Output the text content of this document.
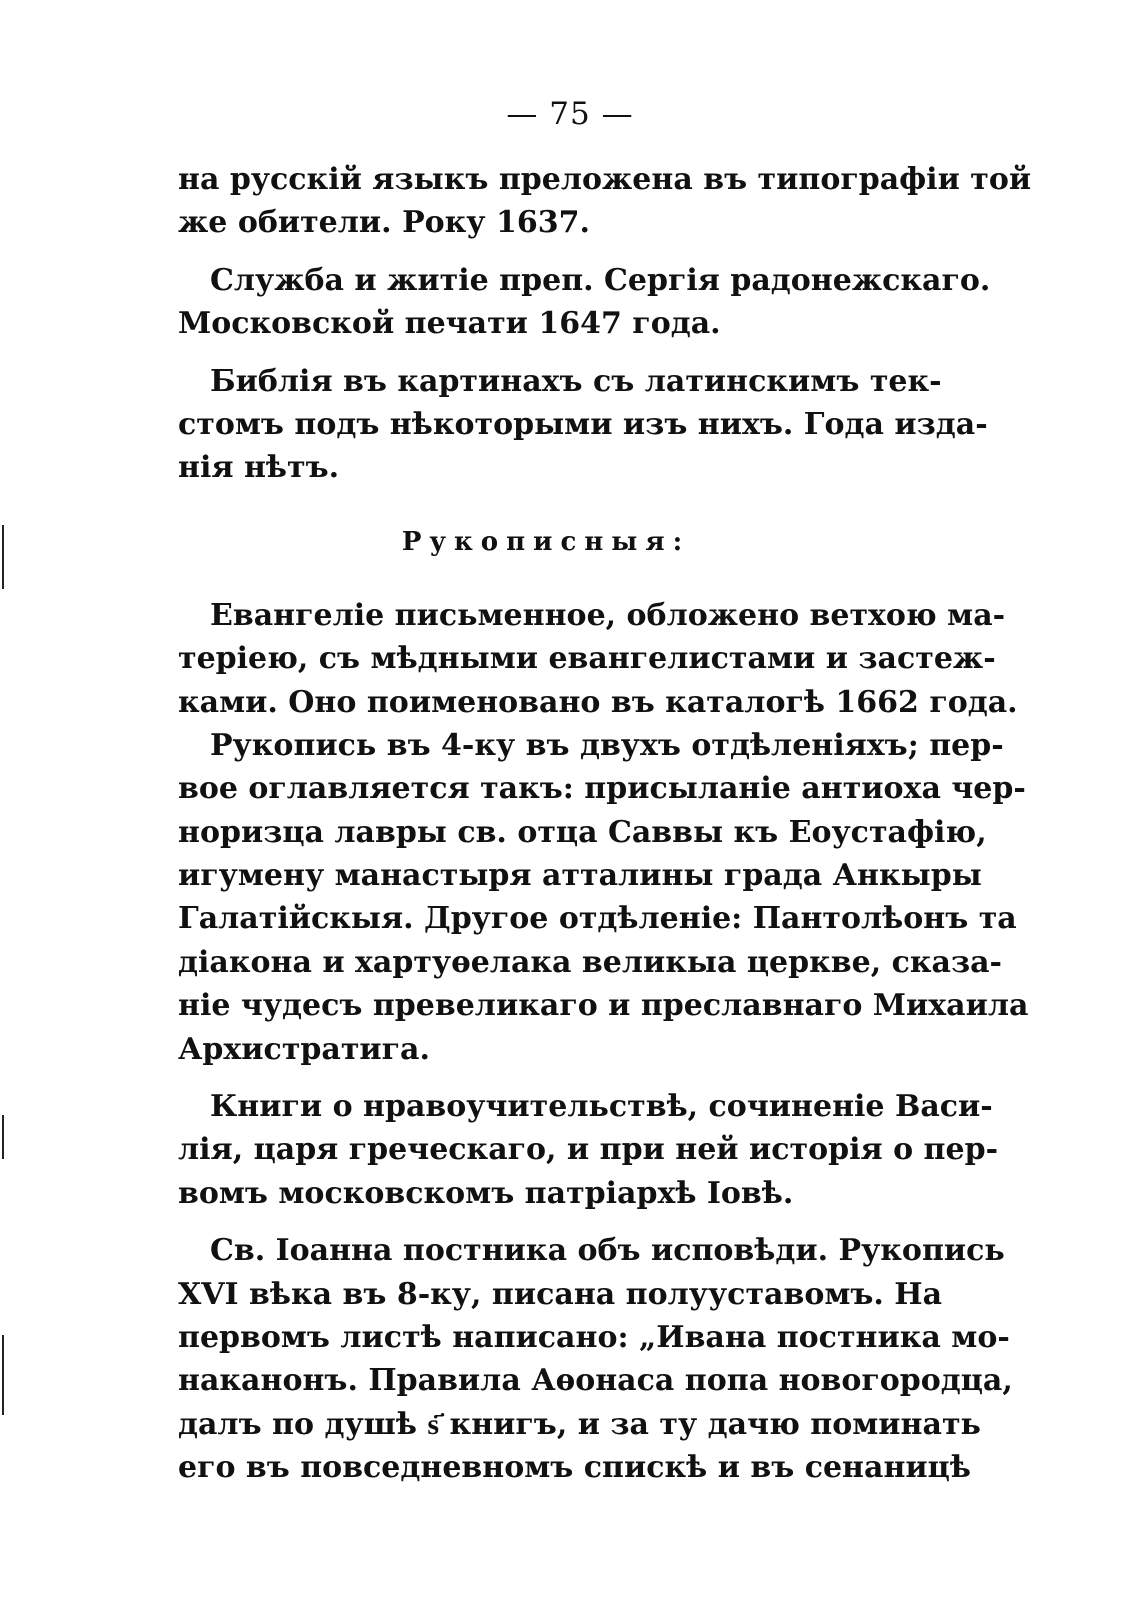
— 75 —
на русскій языкъ преложена въ типографіи той
же обители. Року 1637.
Служба и житіе преп. Сергія радонежскаго.
Московской печати 1647 года.
Библія въ картинахъ съ латинскимъ тек-
стомъ подъ нѣкоторыми изъ нихъ. Года изда-
нія нѣтъ.
Рукописныя:
Евангеліе письменное, обложено ветхою ма-
теріею, съ мѣдными евангелистами и застеж-
ками. Оно поименовано въ каталогѣ 1662 года.
Рукопись въ 4-ку въ двухъ отдѣленіяхъ; пер-
вое оглавляется такъ: присыланіе антиоха чер-
норизца лавры св. отца Саввы къ Еоустафію,
игумену манастыря атталины града Анкыры
Галатійскыя. Другое отдѣленіе: Пантолѣонъ та
діакона и хартуѳелака великыа церкве, сказа-
ніе чудесъ превеликаго и преславнаго Михаила
Архистратига.
Книги о нравоучительствѣ, сочиненіе Васи-
лія, царя греческаго, и при ней исторія о пер-
вомъ московскомъ патріархѣ Іовѣ.
Св. Іоанна постника объ исповѣди. Рукопись
XVI вѣка въ 8-ку, писана полууставомъ. На
первомъ листѣ написано: „Ивана постника мо-
наканонъ. Правила Аѳонаса попа новогородца,
далъ по душѣ ѕ҃ книгъ, и за ту дачю поминать
его въ повседневномъ спискѣ и въ сенаницѣ
